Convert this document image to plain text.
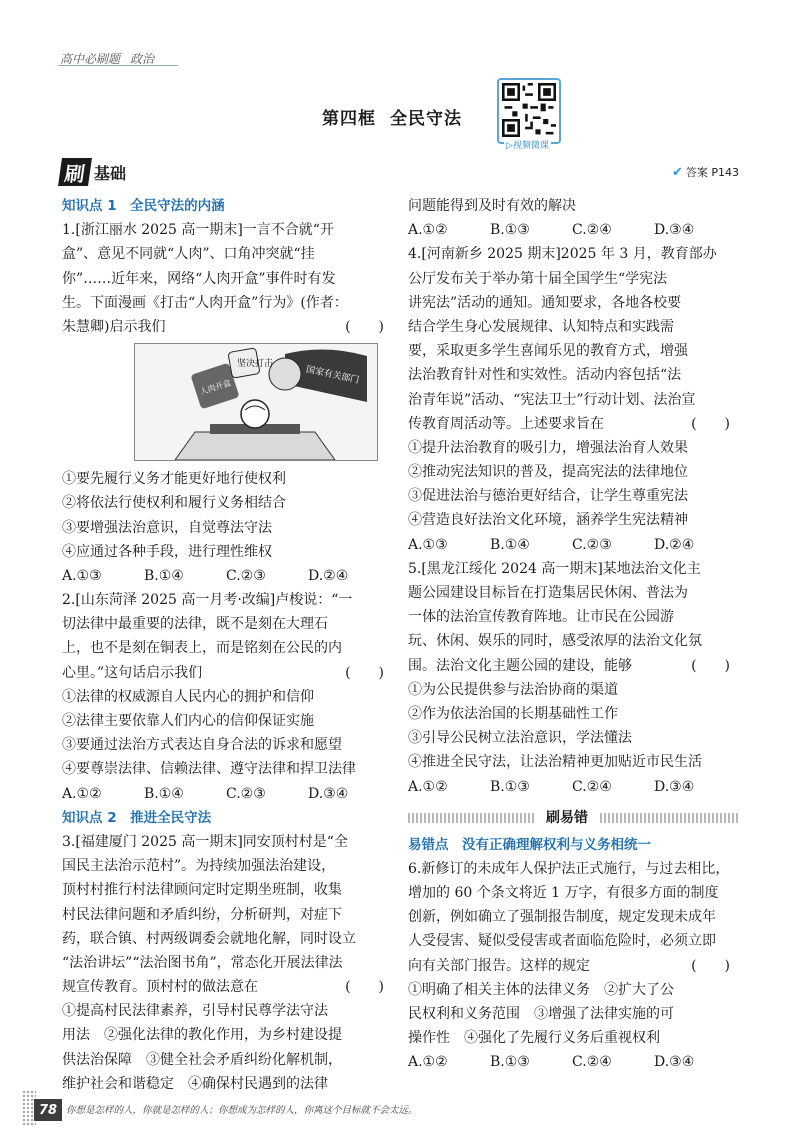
高中必刷题 政治
第四框 全民守法
▷视频微课
刷 基础	✔ 答案 P143
知识点 1　全民守法的内涵
1.[浙江丽水 2025 高一期末]一言不合就“开
盒”、意见不同就“人肉”、口角冲突就“挂
你”……近年来，网络“人肉开盒”事件时有发
生。下面漫画《打击“人肉开盒”行为》(作者：
朱慧卿)启示我们	(　　)
坚决打击
人肉开盒
国家有关部门
①要先履行义务才能更好地行使权利
②将依法行使权利和履行义务相结合
③要增强法治意识，自觉尊法守法
④应通过各种手段，进行理性维权
A.①③	B.①④	C.②③	D.②④
2.[山东菏泽 2025 高一月考·改编]卢梭说：“一
切法律中最重要的法律，既不是刻在大理石
上，也不是刻在铜表上，而是铭刻在公民的内
心里。”这句话启示我们	(　　)
①法律的权威源自人民内心的拥护和信仰
②法律主要依靠人们内心的信仰保证实施
③要通过法治方式表达自身合法的诉求和愿望
④要尊崇法律、信赖法律、遵守法律和捍卫法律
A.①②	B.①④	C.②③	D.③④
知识点 2　推进全民守法
3.[福建厦门 2025 高一期末]同安顶村村是“全
国民主法治示范村”。为持续加强法治建设，
顶村村推行村法律顾问定时定期坐班制，收集
村民法律问题和矛盾纠纷，分析研判，对症下
药，联合镇、村两级调委会就地化解，同时设立
“法治讲坛”“法治图书角”，常态化开展法律法
规宣传教育。顶村村的做法意在	(　　)
①提高村民法律素养，引导村民尊学法守法
用法　②强化法律的教化作用，为乡村建设提
供法治保障　③健全社会矛盾纠纷化解机制，
维护社会和谐稳定　④确保村民遇到的法律
问题能得到及时有效的解决
A.①②	B.①③	C.②④	D.③④
4.[河南新乡 2025 期末]2025 年 3 月，教育部办
公厅发布关于举办第十届全国学生“学宪法
讲宪法”活动的通知。通知要求，各地各校要
结合学生身心发展规律、认知特点和实践需
要，采取更多学生喜闻乐见的教育方式，增强
法治教育针对性和实效性。活动内容包括“法
治青年说”活动、“宪法卫士”行动计划、法治宣
传教育周活动等。上述要求旨在	(　　)
①提升法治教育的吸引力，增强法治育人效果
②推动宪法知识的普及，提高宪法的法律地位
③促进法治与德治更好结合，让学生尊重宪法
④营造良好法治文化环境，涵养学生宪法精神
A.①③	B.①④	C.②③	D.②④
5.[黑龙江绥化 2024 高一期末]某地法治文化主
题公园建设目标旨在打造集居民休闲、普法为
一体的法治宣传教育阵地。让市民在公园游
玩、休闲、娱乐的同时，感受浓厚的法治文化氛
围。法治文化主题公园的建设，能够	(　　)
①为公民提供参与法治协商的渠道
②作为依法治国的长期基础性工作
③引导公民树立法治意识，学法懂法
④推进全民守法，让法治精神更加贴近市民生活
A.①②	B.①③	C.②④	D.③④
刷易错
易错点　没有正确理解权利与义务相统一
6.新修订的未成年人保护法正式施行，与过去相比，
增加的 60 个条文将近 1 万字，有很多方面的制度
创新，例如确立了强制报告制度，规定发现未成年
人受侵害、疑似受侵害或者面临危险时，必须立即
向有关部门报告。这样的规定	(　　)
①明确了相关主体的法律义务　②扩大了公
民权利和义务范围　③增强了法律实施的可
操作性　④强化了先履行义务后重视权利
A.①②	B.①③	C.②④	D.③④
78 你想是怎样的人，你就是怎样的人；你想成为怎样的人，你离这个目标就不会太远。
